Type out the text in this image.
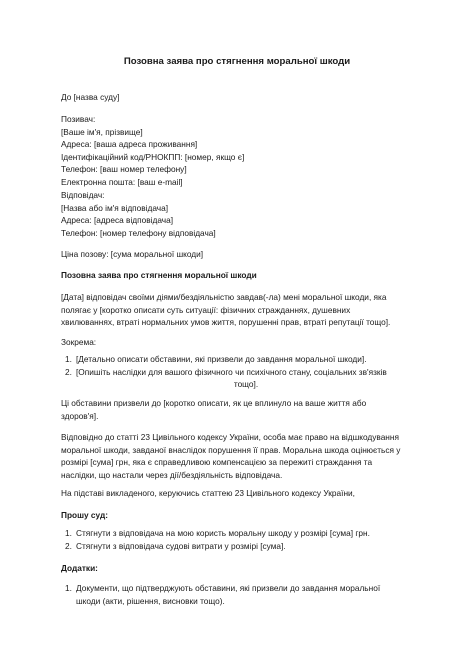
Позовна заява про стягнення моральної шкоди
До [назва суду]
Позивач:
[Ваше ім'я, прізвище]
Адреса: [ваша адреса проживання]
Ідентифікаційний код/РНОКПП: [номер, якщо є]
Телефон: [ваш номер телефону]
Електронна пошта: [ваш e-mail]
Відповідач:
[Назва або ім'я відповідача]
Адреса: [адреса відповідача]
Телефон: [номер телефону відповідача]
Ціна позову: [сума моральної шкоди]
Позовна заява про стягнення моральної шкоди
[Дата] відповідач своїми діями/бездіяльністю завдав(-ла) мені моральної шкоди, яка
полягає у [коротко описати суть ситуації: фізичних стражданнях, душевних
хвилюваннях, втраті нормальних умов життя, порушенні прав, втраті репутації тощо].
Зокрема:
1. [Детально описати обставини, які призвели до завдання моральної шкоди].
2. [Опишіть наслідки для вашого фізичного чи психічного стану, соціальних зв'язків
тощо].
Ці обставини призвели до [коротко описати, як це вплинуло на ваше життя або
здоров'я].
Відповідно до статті 23 Цивільного кодексу України, особа має право на відшкодування
моральної шкоди, завданої внаслідок порушення її прав. Моральна шкода оцінюється у
розмірі [сума] грн, яка є справедливою компенсацією за пережиті страждання та
наслідки, що настали через дії/бездіяльність відповідача.
На підставі викладеного, керуючись статтею 23 Цивільного кодексу України,
Прошу суд:
1. Стягнути з відповідача на мою користь моральну шкоду у розмірі [сума] грн.
2. Стягнути з відповідача судові витрати у розмірі [сума].
Додатки:
1. Документи, що підтверджують обставини, які призвели до завдання моральної
шкоди (акти, рішення, висновки тощо).
